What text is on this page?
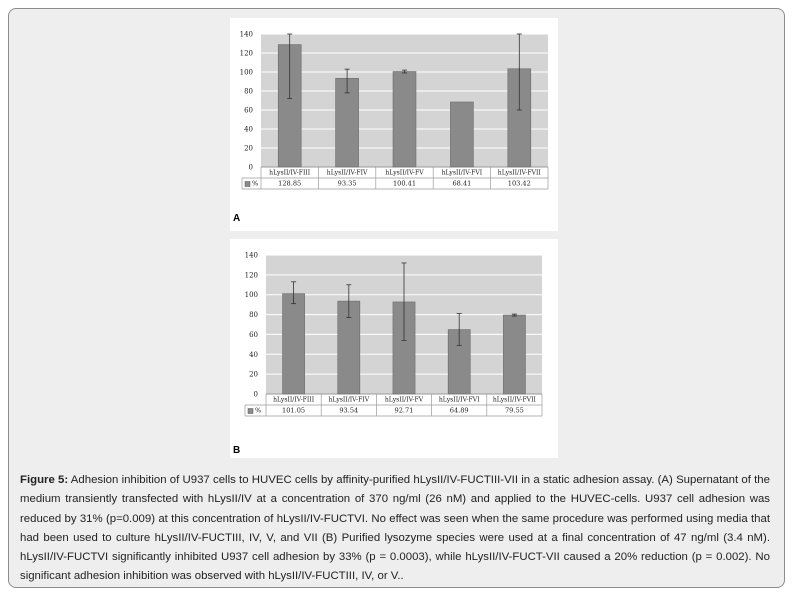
0
20
40
60
80
100
120
140
hLysII/IV-FIII
128.85
hLysII/IV-FIV
93.35
hLysII/IV-FV
100.41
hLysII/IV-FVI
68.41
hLysII/IV-FVII
103.42
%
A
0
20
40
60
80
100
120
140
hLysII/IV-FIII
101.05
hLysII/IV-FIV
93.54
hLysII/IV-FV
92.71
hLysII/IV-FVI
64.89
hLysII/IV-FVII
79.55
%
B
Figure 5: Adhesion inhibition of U937 cells to HUVEC cells by affinity-purified hLysII/IV-FUCTIII-VII in a static adhesion assay. (A) Supernatant of the medium transiently transfected with hLysII/IV at a concentration of 370 ng/ml (26 nM) and applied to the HUVEC-cells. U937 cell adhesion was reduced by 31% (p=0.009) at this concentration of hLysII/IV-FUCTVI. No effect was seen when the same procedure was performed using media that had been used to culture hLysII/IV-FUCTIII, IV, V, and VII (B) Purified lysozyme species were used at a final concentration of 47 ng/ml (3.4 nM). hLysII/IV-FUCTVI significantly inhibited U937 cell adhesion by 33% (p = 0.0003), while hLysII/IV-FUCT-VII caused a 20% reduction (p = 0.002). No significant adhesion inhibition was observed with hLysII/IV-FUCTIII, IV, or V..
